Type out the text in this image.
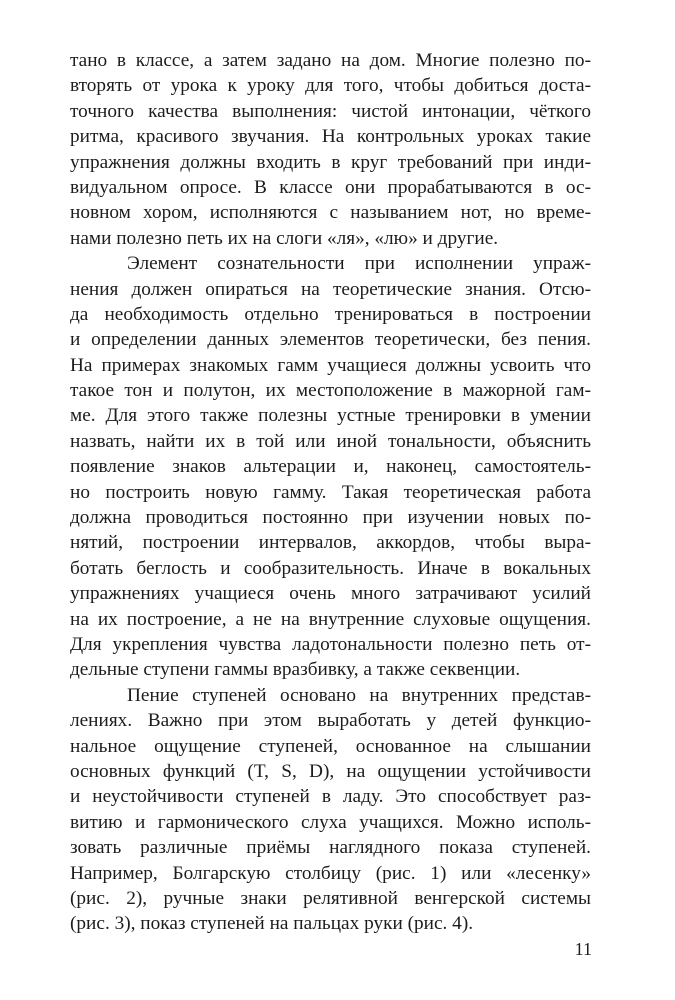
тано в классе, а затем задано на дом. Многие полезно по-
вторять от урока к уроку для того, чтобы добиться доста-
точного качества выполнения: чистой интонации, чёткого
ритма, красивого звучания. На контрольных уроках такие
упражнения должны входить в круг требований при инди-
видуальном опросе. В классе они прорабатываются в ос-
новном хором, исполняются с называнием нот, но време-
нами полезно петь их на слоги «ля», «лю» и другие.
Элемент сознательности при исполнении упраж-
нения должен опираться на теоретические знания. Отсю-
да необходимость отдельно тренироваться в построении
и определении данных элементов теоретически, без пения.
На примерах знакомых гамм учащиеся должны усвоить что
такое тон и полутон, их местоположение в мажорной гам-
ме. Для этого также полезны устные тренировки в умении
назвать, найти их в той или иной тональности, объяснить
появление знаков альтерации и, наконец, самостоятель-
но построить новую гамму. Такая теоретическая работа
должна проводиться постоянно при изучении новых по-
нятий, построении интервалов, аккордов, чтобы выра-
ботать беглость и сообразительность. Иначе в вокальных
упражнениях учащиеся очень много затрачивают усилий
на их построение, а не на внутренние слуховые ощущения.
Для укрепления чувства ладотональности полезно петь от-
дельные ступени гаммы вразбивку, а также секвенции.
Пение ступеней основано на внутренних представ-
лениях. Важно при этом выработать у детей функцио-
нальное ощущение ступеней, основанное на слышании
основных функций (T, S, D), на ощущении устойчивости
и неустойчивости ступеней в ладу. Это способствует раз-
витию и гармонического слуха учащихся. Можно исполь-
зовать различные приёмы наглядного показа ступеней.
Например, Болгарскую столбицу (рис. 1) или «лесенку»
(рис. 2), ручные знаки релятивной венгерской системы
(рис. 3), показ ступеней на пальцах руки (рис. 4).
11
